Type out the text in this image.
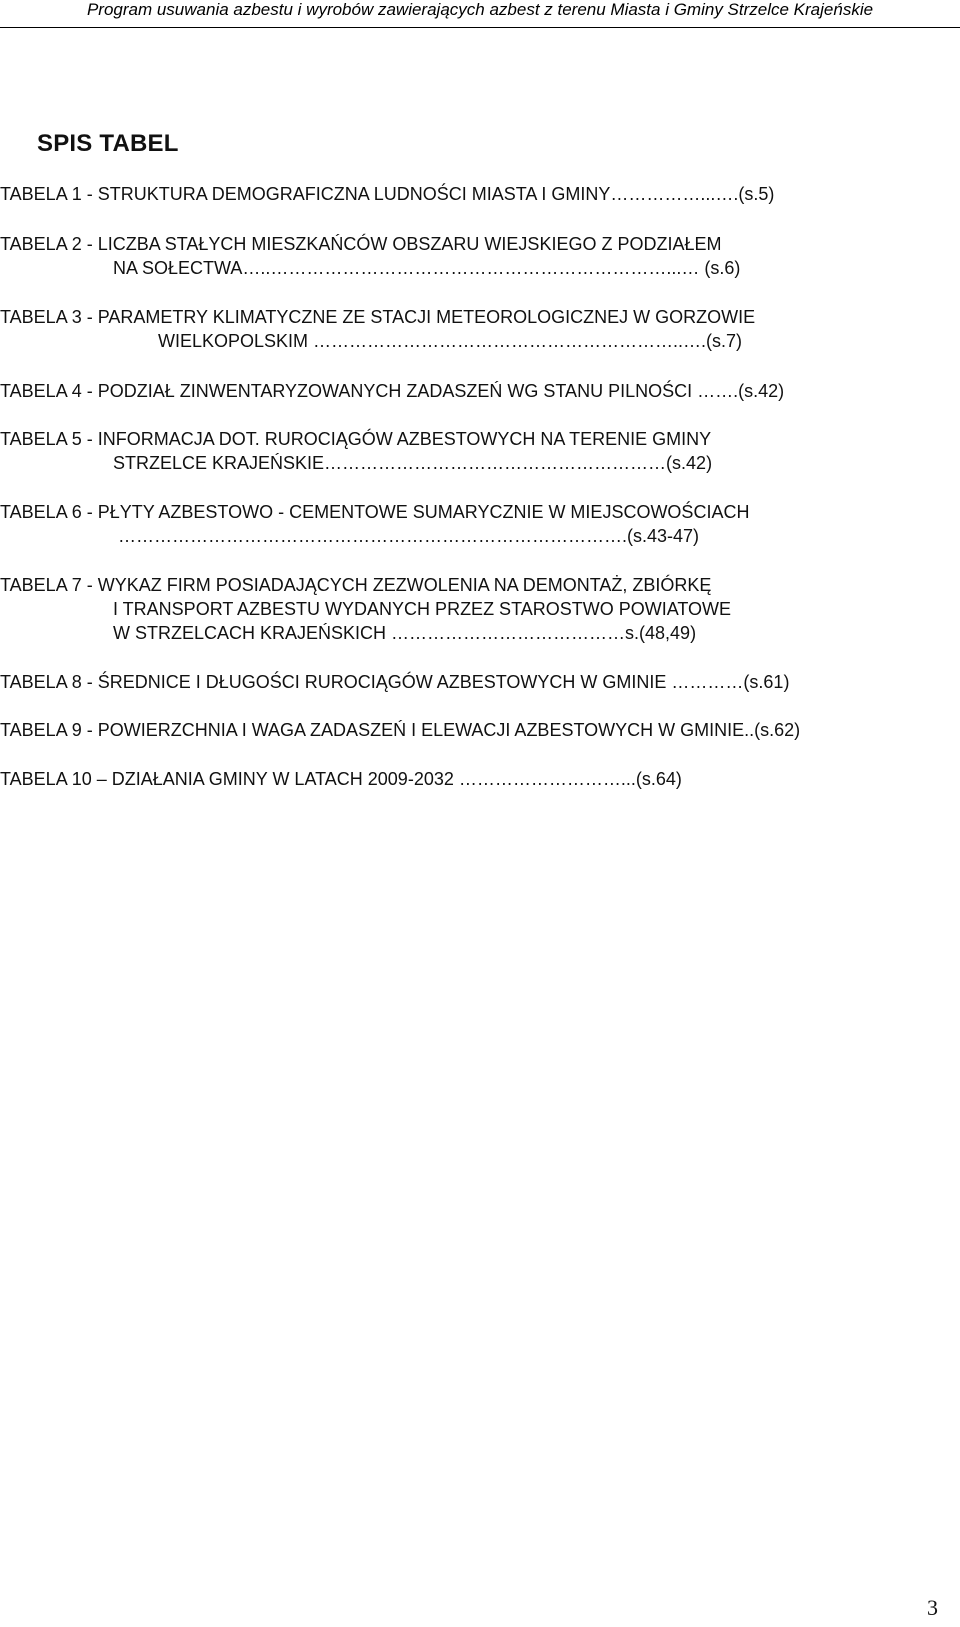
Program usuwania azbestu i wyrobów zawierających azbest z terenu Miasta i Gminy Strzelce Krajeńskie
SPIS TABEL
TABELA 1 - STRUKTURA DEMOGRAFICZNA LUDNOŚCI MIASTA I GMINY……………...….(s.5)
TABELA 2 - LICZBA STAŁYCH MIESZKAŃCÓW OBSZARU WIEJSKIEGO Z PODZIAŁEM
NA SOŁECTWA…..…………………………………………………………...… (s.6)
TABELA 3 - PARAMETRY KLIMATYCZNE ZE STACJI METEOROLOGICZNEJ W GORZOWIE
WIELKOPOLSKIM ……………………………………………………..….(s.7)
TABELA 4 - PODZIAŁ ZINWENTARYZOWANYCH ZADASZEŃ WG STANU PILNOŚCI …….(s.42)
TABELA 5 - INFORMACJA DOT. RUROCIĄGÓW AZBESTOWYCH NA TERENIE GMINY
STRZELCE KRAJEŃSKIE…………………………………………………(s.42)
TABELA 6 - PŁYTY AZBESTOWO - CEMENTOWE SUMARYCZNIE W MIEJSCOWOŚCIACH
………………………………………………………………………….(s.43-47)
TABELA 7 - WYKAZ FIRM POSIADAJĄCYCH ZEZWOLENIA NA DEMONTAŻ, ZBIÓRKĘ
I TRANSPORT AZBESTU WYDANYCH PRZEZ STAROSTWO POWIATOWE
W STRZELCACH KRAJEŃSKICH …………………………………s.(48,49)
TABELA 8 - ŚREDNICE I DŁUGOŚCI RUROCIĄGÓW AZBESTOWYCH W GMINIE …………(s.61)
TABELA 9 - POWIERZCHNIA I WAGA ZADASZEŃ I ELEWACJI AZBESTOWYCH W GMINIE..(s.62)
TABELA 10 – DZIAŁANIA GMINY W LATACH 2009-2032 ………………………...(s.64)
3
